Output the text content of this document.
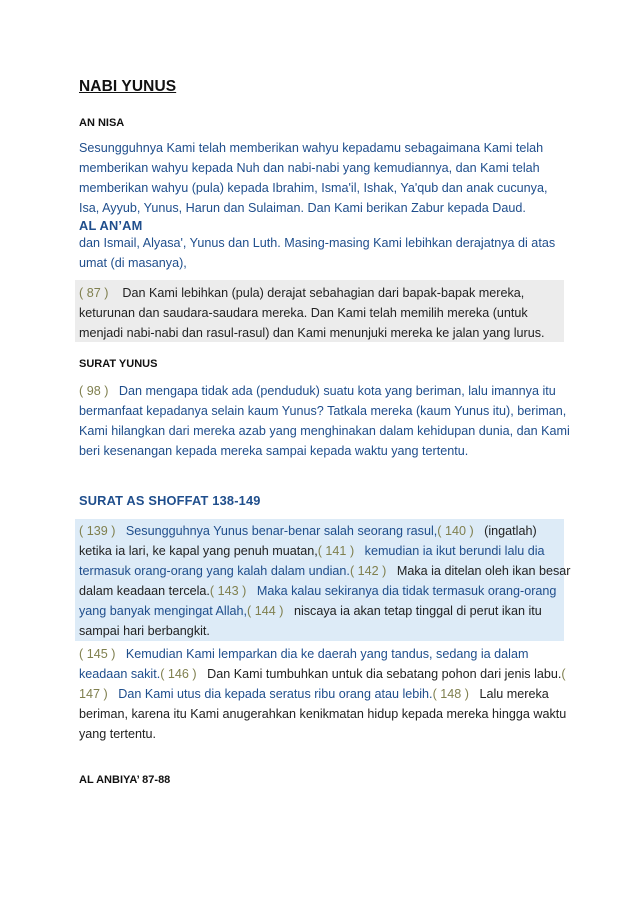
NABI YUNUS
AN NISA
Sesungguhnya Kami telah memberikan wahyu kepadamu sebagaimana Kami telah
memberikan wahyu kepada Nuh dan nabi-nabi yang kemudiannya, dan Kami telah
memberikan wahyu (pula) kepada Ibrahim, Isma'il, Ishak, Ya'qub dan anak cucunya,
Isa, Ayyub, Yunus, Harun dan Sulaiman. Dan Kami berikan Zabur kepada Daud.
AL AN’AM
dan Ismail, Alyasa', Yunus dan Luth. Masing-masing Kami lebihkan derajatnya di atas
umat (di masanya),
( 87 ) Dan Kami lebihkan (pula) derajat sebahagian dari bapak-bapak mereka,
keturunan dan saudara-saudara mereka. Dan Kami telah memilih mereka (untuk
menjadi nabi-nabi dan rasul-rasul) dan Kami menunjuki mereka ke jalan yang lurus.
SURAT YUNUS
( 98 ) Dan mengapa tidak ada (penduduk) suatu kota yang beriman, lalu imannya itu
bermanfaat kepadanya selain kaum Yunus? Tatkala mereka (kaum Yunus itu), beriman,
Kami hilangkan dari mereka azab yang menghinakan dalam kehidupan dunia, dan Kami
beri kesenangan kepada mereka sampai kepada waktu yang tertentu.
SURAT AS SHOFFAT 138-149
( 139 ) Sesungguhnya Yunus benar-benar salah seorang rasul,( 140 ) (ingatlah)
ketika ia lari, ke kapal yang penuh muatan,( 141 ) kemudian ia ikut berundi lalu dia
termasuk orang-orang yang kalah dalam undian.( 142 ) Maka ia ditelan oleh ikan besar
dalam keadaan tercela.( 143 ) Maka kalau sekiranya dia tidak termasuk orang-orang
yang banyak mengingat Allah,( 144 ) niscaya ia akan tetap tinggal di perut ikan itu
sampai hari berbangkit.
( 145 ) Kemudian Kami lemparkan dia ke daerah yang tandus, sedang ia dalam
keadaan sakit.( 146 ) Dan Kami tumbuhkan untuk dia sebatang pohon dari jenis labu.(
147 ) Dan Kami utus dia kepada seratus ribu orang atau lebih.( 148 ) Lalu mereka
beriman, karena itu Kami anugerahkan kenikmatan hidup kepada mereka hingga waktu
yang tertentu.
AL ANBIYA’ 87-88
